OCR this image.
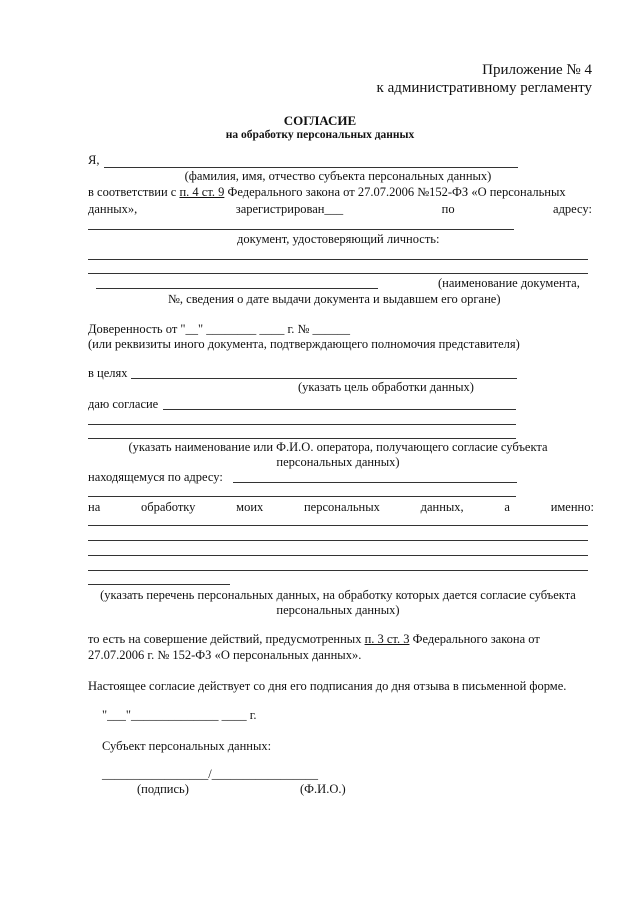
Приложение № 4
к административному регламенту
СОГЛАСИЕ
на обработку персональных данных
Я,
(фамилия, имя, отчество субъекта персональных данных)
в соответствии с п. 4 ст. 9 Федерального закона от 27.07.2006 №152-ФЗ «О персональных
данных»,	зарегистрирован___	по	адресу:
документ, удостоверяющий личность:
(наименование документа,
№, сведения о дате выдачи документа и выдавшем его органе)
Доверенность от "__" ________ ____ г. № ______
(или реквизиты иного документа, подтверждающего полномочия представителя)
в целях
(указать цель обработки данных)
даю согласие
(указать наименование или Ф.И.О. оператора, получающего согласие субъекта
персональных данных)
находящемуся по адресу:
на	обработку	моих	персональных	данных,	а	именно:
(указать перечень персональных данных, на обработку которых дается согласие субъекта
персональных данных)
то есть на совершение действий, предусмотренных п. 3 ст. 3 Федерального закона от
27.07.2006 г. № 152-ФЗ «О персональных данных».
Настоящее согласие действует со дня его подписания до дня отзыва в письменной форме.
"___"______________ ____ г.
Субъект персональных данных:
_________________/_________________
(подпись)	(Ф.И.О.)
